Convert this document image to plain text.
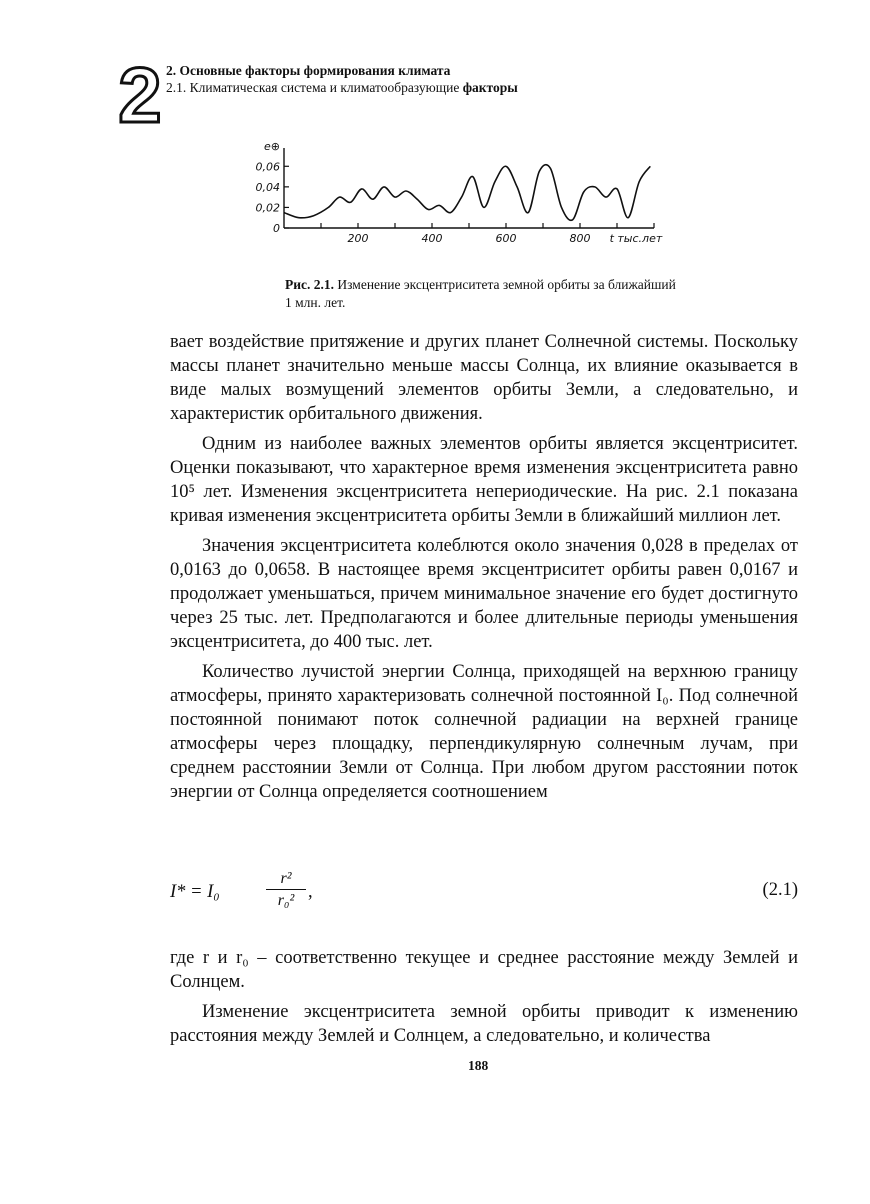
2 2. Основные факторы формирования климата
2.1. Климатическая система и климатообразующие факторы
e⊕
0
0,02
0,04
0,06
200	400	600	800 t тыс.лет
Рис. 2.1. Изменение эксцентриситета земной орбиты за ближайший 1 млн. лет.

вает воздействие притяжение и других планет Солнечной системы. Поскольку массы планет значительно меньше массы Солнца, их влияние оказывается в виде малых возмущений элементов орбиты Земли, а следовательно, и характеристик орбитального движения.

Одним из наиболее важных элементов орбиты является эксцентриситет. Оценки показывают, что характерное время изменения эксцентриситета равно 10⁵ лет. Изменения эксцентриситета непериодические. На рис. 2.1 показана кривая изменения эксцентриситета орбиты Земли в ближайший миллион лет.

Значения эксцентриситета колеблются около значения 0,028 в пределах от 0,0163 до 0,0658. В настоящее время эксцентриситет орбиты равен 0,0167 и продолжает уменьшаться, причем минимальное значение его будет достигнуто через 25 тыс. лет. Предполагаются и более длительные периоды уменьшения эксцентриситета, до 400 тыс. лет.

Количество лучистой энергии Солнца, приходящей на верхнюю границу атмосферы, принято характеризовать солнечной постоянной I₀. Под солнечной постоянной понимают поток солнечной радиации на верхней границе атмосферы через площадку, перпендикулярную солнечным лучам, при среднем расстоянии Земли от Солнца. При любом другом расстоянии поток энергии от Солнца определяется соотношением

I* = I₀
r²
r₀² ,	(2.1)

где r и r₀ – соответственно текущее и среднее расстояние между Землей и Солнцем.

Изменение эксцентриситета земной орбиты приводит к изменению расстояния между Землей и Солнцем, а следовательно, и количества

188
